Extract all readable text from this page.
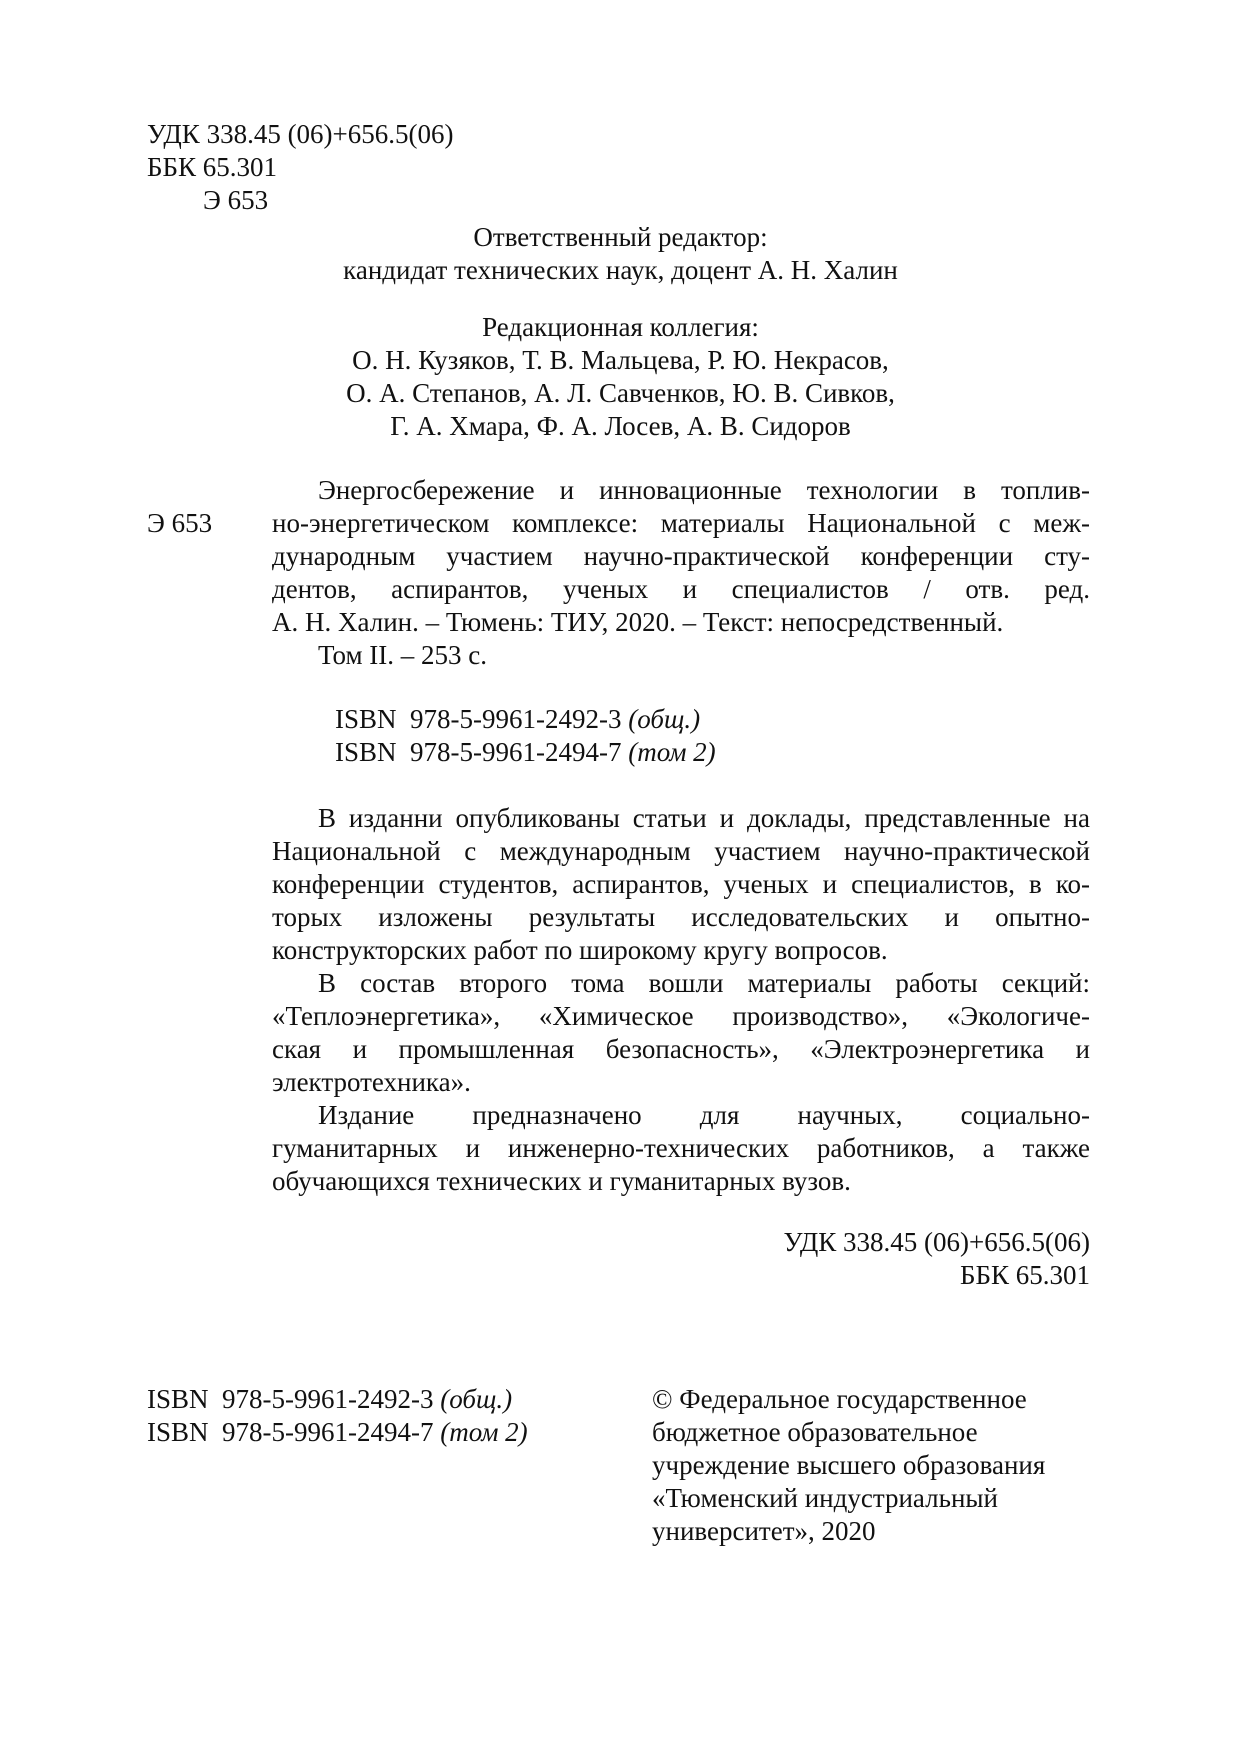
УДК 338.45 (06)+656.5(06)
ББК 65.301
Э 653
Ответственный редактор:
кандидат технических наук, доцент А. Н. Халин
Редакционная коллегия:
О. Н. Кузяков, Т. В. Мальцева, Р. Ю. Некрасов,
О. А. Степанов, А. Л. Савченков, Ю. В. Сивков,
Г. А. Хмара, Ф. А. Лосев, А. В. Сидоров
Э 653
Энергосбережение и инновационные технологии в топлив-
но-энергетическом комплексе: материалы Национальной с меж-
дународным участием научно-практической конференции сту-
дентов, аспирантов, ученых и специалистов / отв. ред.
А. Н. Халин. – Тюмень: ТИУ, 2020. – Текст: непосредственный.
Том II. – 253 с.
ISBN  978-5-9961-2492-3 (общ.)
ISBN  978-5-9961-2494-7 (том 2)
В изданни опубликованы статьи и доклады, представленные на
Национальной с международным участием научно-практической
конференции студентов, аспирантов, ученых и специалистов, в ко-
торых изложены результаты исследовательских и опытно-
конструкторских работ по широкому кругу вопросов.
В состав второго тома вошли материалы работы секций:
«Теплоэнергетика», «Химическое производство», «Экологиче-
ская и промышленная безопасность», «Электроэнергетика и
электротехника».
Издание предназначено для научных, социально-
гуманитарных и инженерно-технических работников, а также
обучающихся технических и гуманитарных вузов.
УДК 338.45 (06)+656.5(06)
ББК 65.301
ISBN  978-5-9961-2492-3 (общ.)
ISBN  978-5-9961-2494-7 (том 2)
© Федеральное государственное
бюджетное образовательное
учреждение высшего образования
«Тюменский индустриальный
университет», 2020
